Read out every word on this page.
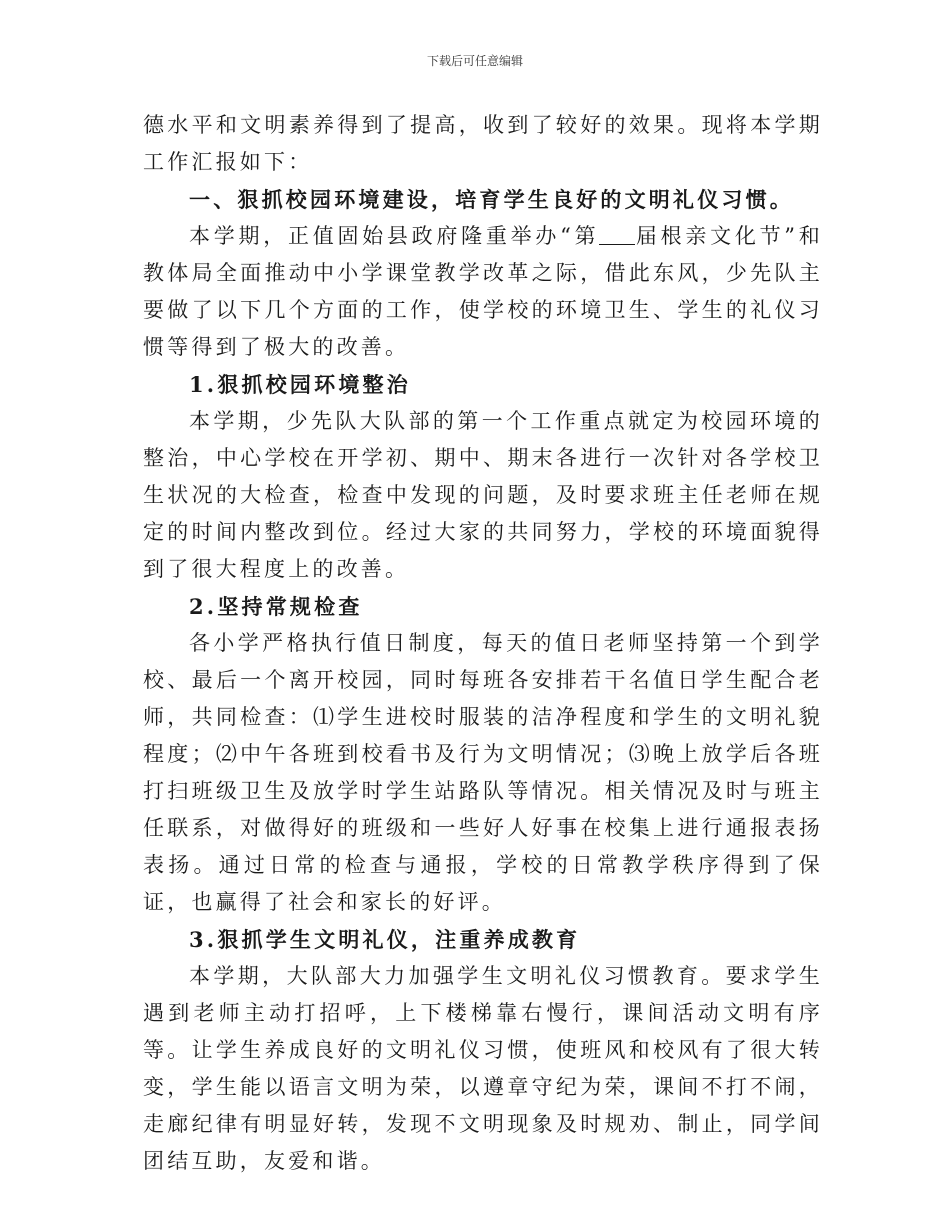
下载后可任意编辑

德水平和文明素养得到了提高，收到了较好的效果。现将本学期工作汇报如下：

一、狠抓校园环境建设，培育学生良好的文明礼仪习惯。

本学期，正值固始县政府隆重举办“第 届根亲文化节”和教体局全面推动中小学课堂教学改革之际，借此东风，少先队主要做了以下几个方面的工作，使学校的环境卫生、学生的礼仪习惯等得到了极大的改善。

1.狠抓校园环境整治

本学期，少先队大队部的第一个工作重点就定为校园环境的整治，中心学校在开学初、期中、期末各进行一次针对各学校卫生状况的大检查，检查中发现的问题，及时要求班主任老师在规定的时间内整改到位。经过大家的共同努力，学校的环境面貌得到了很大程度上的改善。

2.坚持常规检查

各小学严格执行值日制度，每天的值日老师坚持第一个到学校、最后一个离开校园，同时每班各安排若干名值日学生配合老师，共同检查：⑴学生进校时服装的洁净程度和学生的文明礼貌程度；⑵中午各班到校看书及行为文明情况；⑶晚上放学后各班打扫班级卫生及放学时学生站路队等情况。相关情况及时与班主任联系，对做得好的班级和一些好人好事在校集上进行通报表扬表扬。通过日常的检查与通报，学校的日常教学秩序得到了保证，也赢得了社会和家长的好评。

3.狠抓学生文明礼仪，注重养成教育

本学期，大队部大力加强学生文明礼仪习惯教育。要求学生遇到老师主动打招呼，上下楼梯靠右慢行，课间活动文明有序等。让学生养成良好的文明礼仪习惯，使班风和校风有了很大转变，学生能以语言文明为荣，以遵章守纪为荣，课间不打不闹，走廊纪律有明显好转，发现不文明现象及时规劝、制止，同学间团结互助，友爱和谐。
